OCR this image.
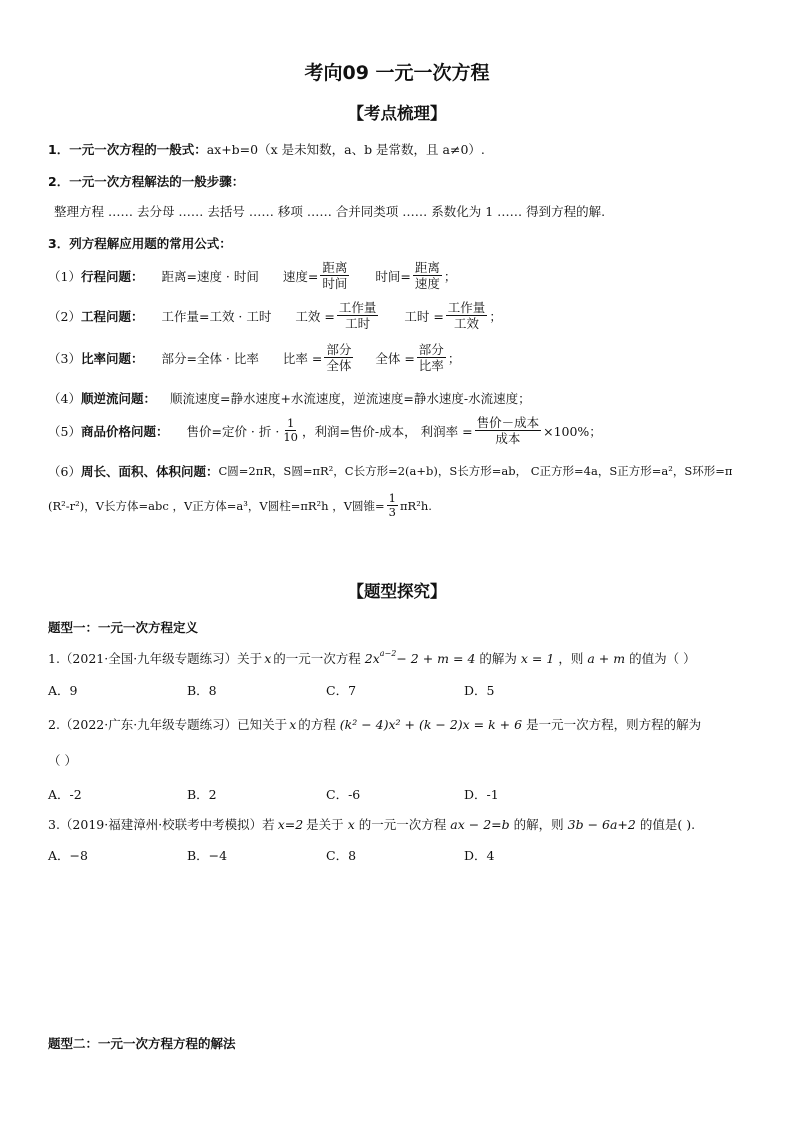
考向09 一元一次方程
【考点梳理】
1．一元一次方程的一般式： ax+b=0（x 是未知数，a、b 是常数，且 a≠0）.
2．一元一次方程解法的一般步骤：
整理方程 …… 去分母 …… 去括号 …… 移项 …… 合并同类项 …… 系数化为 1 …… 得到方程的解.
3．列方程解应用题的常用公式：
（1） 行程问题： 距离=速度 · 时间 速度= $\frac{\text{距离}}{\text{时间}}$ 时间= $\frac{\text{距离}}{\text{速度}}$ ；
（2） 工程问题： 工作量=工效 · 工时 工效 = $\frac{\text{工作量}}{\text{工时}}$ 工时 = $\frac{\text{工作量}}{\text{工效}}$ ；
（3） 比率问题： 部分=全体 · 比率 比率 = $\frac{\text{部分}}{\text{全体}}$ 全体 = $\frac{\text{部分}}{\text{比率}}$ ；
（4） 顺逆流问题： 顺流速度=静水速度+水流速度，逆流速度=静水速度-水流速度；
（5） 商品价格问题： 售价=定价 · 折 · $\frac{1}{10}$ ，利润=售价-成本， 利润率 = $\frac{\text{售价－成本}}{\text{成本}} \times 100\%$；
（6） 周长、面积、体积问题： C圆=2πR，S圆=πR²，C长方形=2(a+b)，S长方形=ab， C正方形=4a，S正方形=a²，S环形=π
(R²-r²)，V长方体=abc ，V正方体=a³，V圆柱=πR²h ，V圆锥= $\frac{1}{3} \pi R^2h$.
【题型探究】
题型一：一元一次方程定义
1.（2021·全国·九年级专题练习）关于 x 的一元一次方程 $2x^{a-2} - 2 + m = 4$ 的解为 x = 1 ，则 a + m 的值为（ ）
A．9	B．8	C．7	D．5
2.（2022·广东·九年级专题练习）已知关于 x 的方程 (k² − 4)x² + (k − 2)x = k + 6 是一元一次方程，则方程的解为
（ ）
A．-2	B．2	C．-6	D．-1
3.（2019·福建漳州·校联考中考模拟）若 x=2 是关于 x 的一元一次方程 ax − 2=b 的解，则 3b − 6a+2 的值是( ).
A．−8	B．−4	C．8	D．4
题型二：一元一次方程方程的解法
